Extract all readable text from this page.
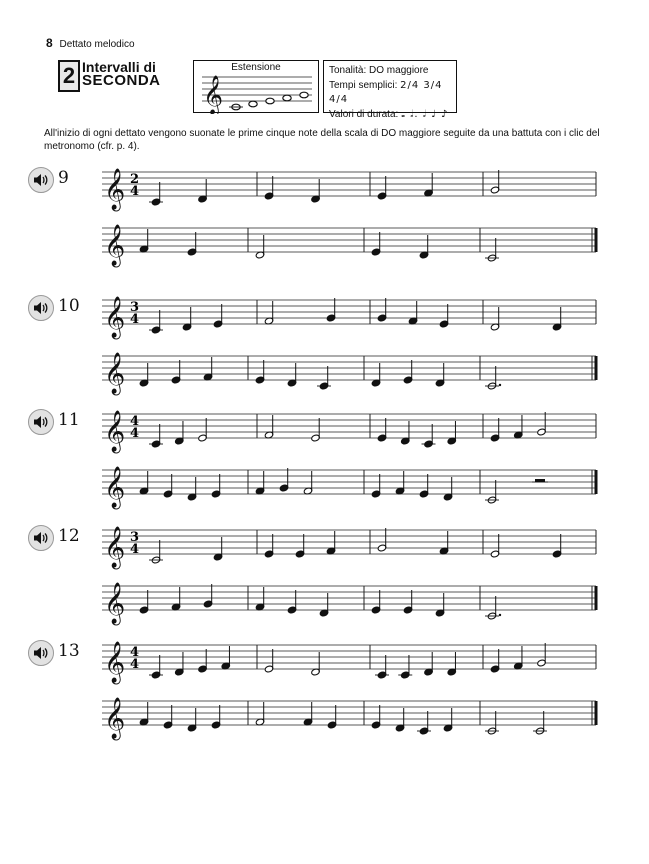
8 Dettato melodico
2 Intervalli di
SECONDA
Estensione
𝄞
Tonalità: DO maggiore
Tempi semplici: 2/4 3/4 4/4
Valori di durata: 𝅝 𝅗𝅥. 𝅗𝅥 ♩ ♪
All'inizio di ogni dettato vengono suonate le prime cinque note della scala di DO maggiore seguite da una battuta con i clic del metronomo (cfr. p. 4).
9 𝄞 2
4
𝄞
10 𝄞 3
4
𝄞
11 𝄞 4
4
𝄞
12 𝄞 3
4
𝄞
13 𝄞 4
4
𝄞
